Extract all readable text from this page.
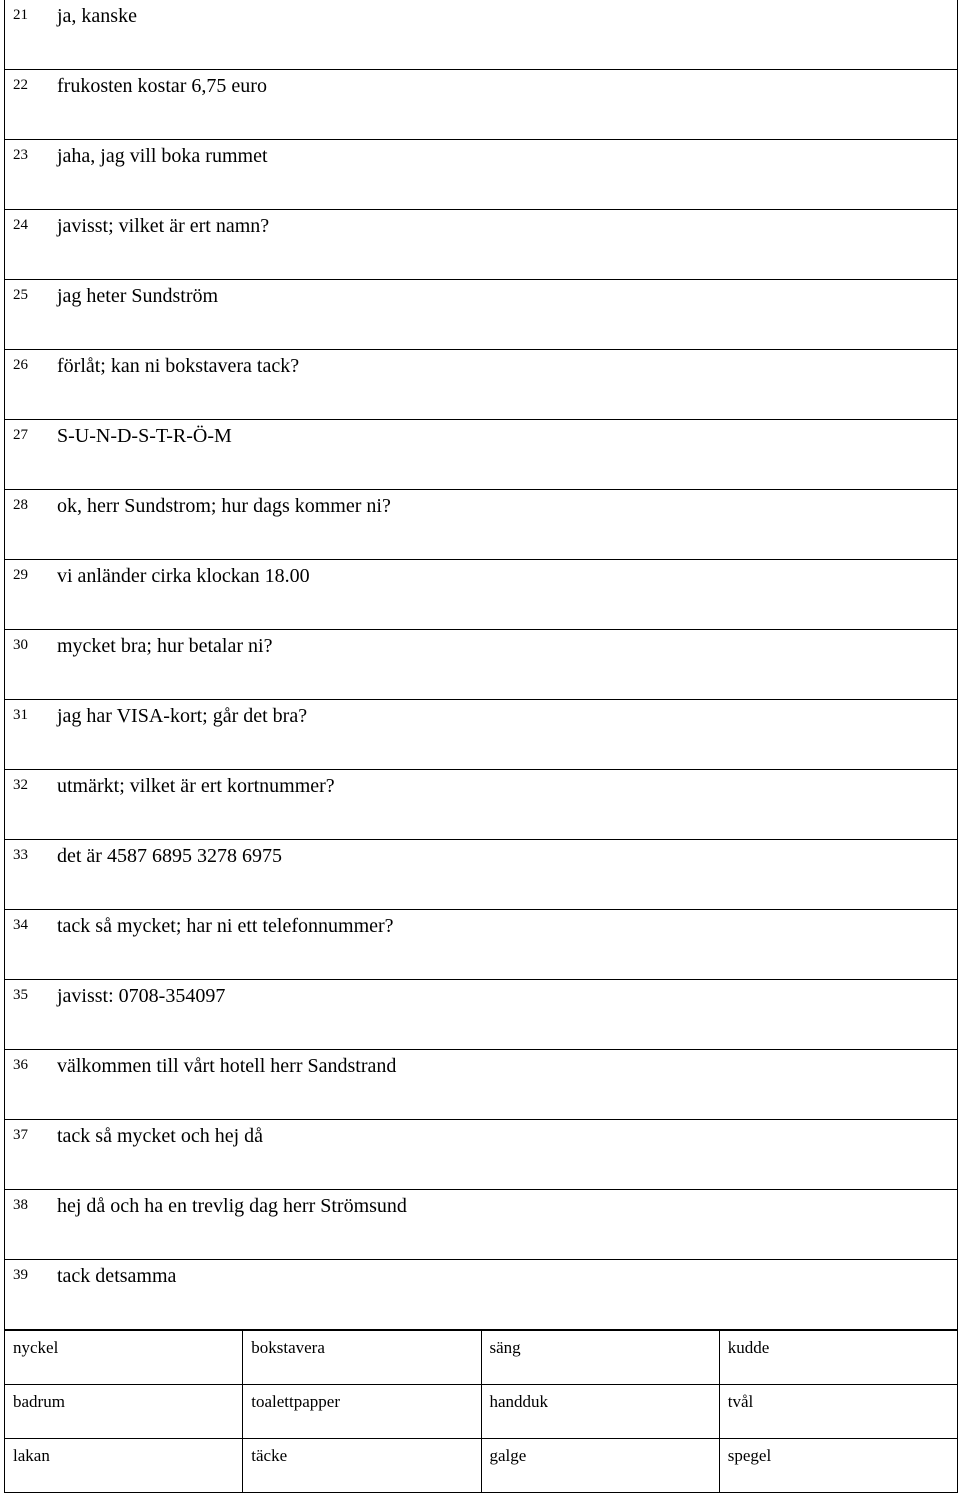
21 ja, kanske
22 frukosten kostar 6,75 euro
23 jaha, jag vill boka rummet
24 javisst; vilket är ert namn?
25 jag heter Sundström
26 förlåt; kan ni bokstavera tack?
27 S-U-N-D-S-T-R-Ö-M
28 ok, herr Sundstrom; hur dags kommer ni?
29 vi anländer cirka klockan 18.00
30 mycket bra; hur betalar ni?
31 jag har VISA-kort; går det bra?
32 utmärkt; vilket är ert kortnummer?
33 det är 4587 6895 3278 6975
34 tack så mycket; har ni ett telefonnummer?
35 javisst: 0708-354097
36 välkommen till vårt hotell herr Sandstrand
37 tack så mycket och hej då
38 hej då och ha en trevlig dag herr Strömsund
39 tack detsamma
nyckel	bokstavera	säng	kudde

badrum	toalettpapper	handduk	tvål

lakan	täcke	galge	spegel
